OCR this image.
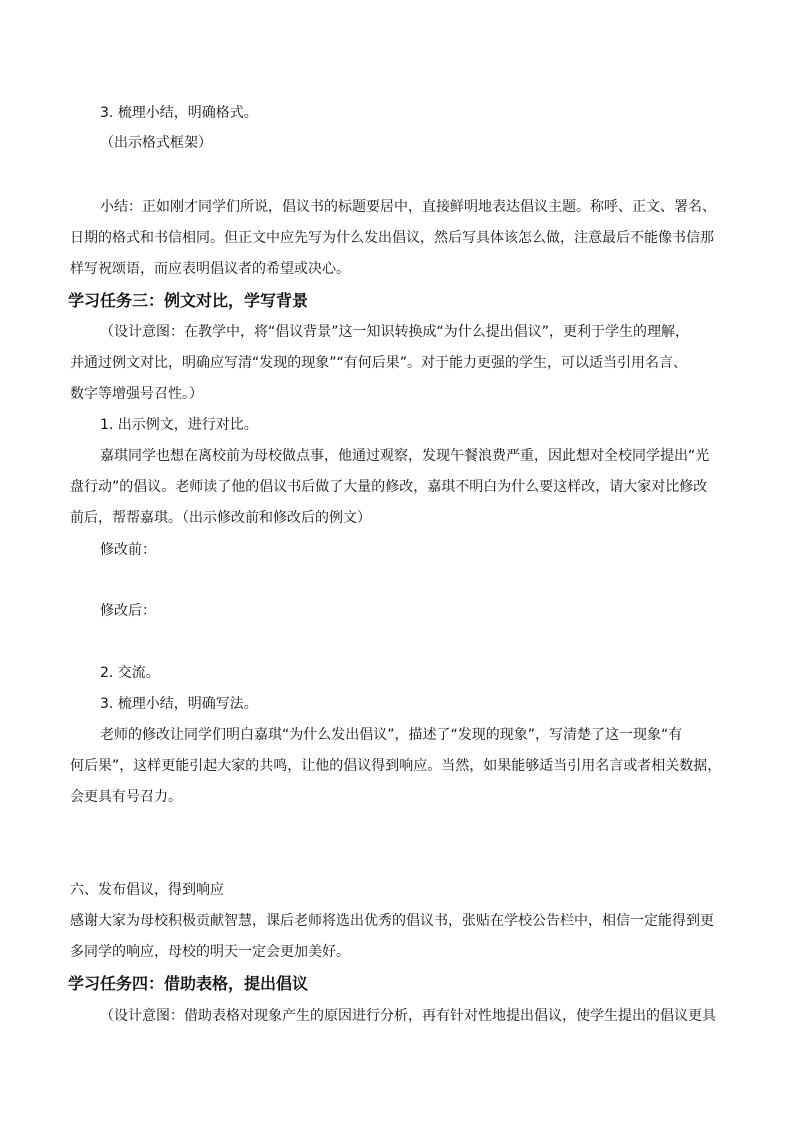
3. 梳理小结，明确格式。
（出示格式框架）
小结：正如刚才同学们所说，倡议书的标题要居中，直接鲜明地表达倡议主题。称呼、正文、署名、
日期的格式和书信相同。但正文中应先写为什么发出倡议，然后写具体该怎么做，注意最后不能像书信那
样写祝颂语，而应表明倡议者的希望或决心。
学习任务三：例文对比，学写背景
（设计意图：在教学中，将“倡议背景”这一知识转换成“为什么提出倡议”，更利于学生的理解，
并通过例文对比，明确应写清“发现的现象”“有何后果”。对于能力更强的学生，可以适当引用名言、
数字等增强号召性。）
1. 出示例文，进行对比。
嘉琪同学也想在离校前为母校做点事，他通过观察，发现午餐浪费严重，因此想对全校同学提出“光
盘行动”的倡议。老师读了他的倡议书后做了大量的修改，嘉琪不明白为什么要这样改，请大家对比修改
前后，帮帮嘉琪。（出示修改前和修改后的例文）
修改前：
修改后：
2. 交流。
3. 梳理小结，明确写法。
老师的修改让同学们明白嘉琪“为什么发出倡议”，描述了“发现的现象”，写清楚了这一现象“有
何后果”，这样更能引起大家的共鸣，让他的倡议得到响应。当然，如果能够适当引用名言或者相关数据，
会更具有号召力。
六、发布倡议，得到响应
感谢大家为母校积极贡献智慧，课后老师将选出优秀的倡议书，张贴在学校公告栏中，相信一定能得到更
多同学的响应，母校的明天一定会更加美好。
学习任务四：借助表格，提出倡议
（设计意图：借助表格对现象产生的原因进行分析，再有针对性地提出倡议，使学生提出的倡议更具
